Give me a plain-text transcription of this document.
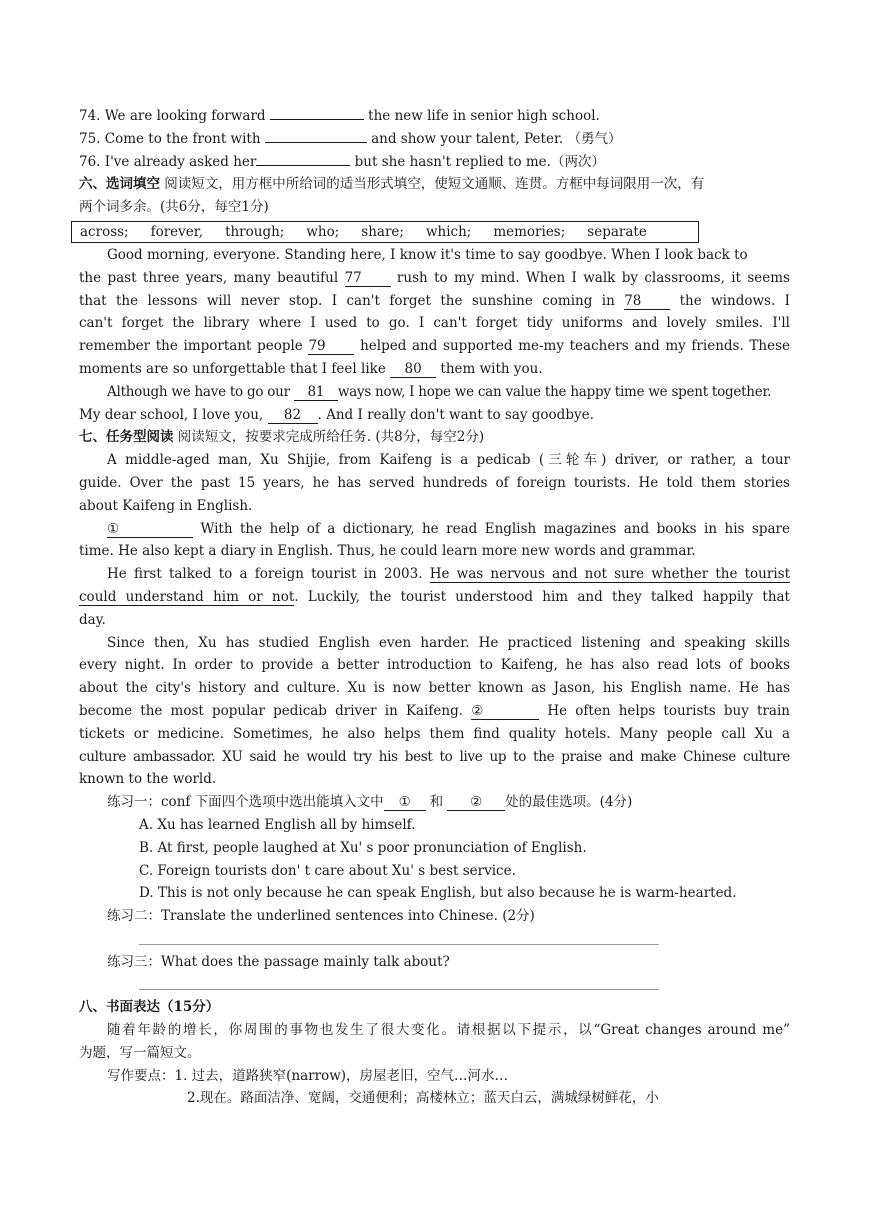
74. We are looking forward	the new life in senior high school.
75. Come to the front with	and show your talent, Peter. （勇气）
76. I've already asked her	but she hasn't replied to me.（两次）
六、选词填空 阅读短文，用方框中所给词的适当形式填空，使短文通顺、连贯。方框中每词限用一次，有
两个词多余。(共6分，每空1分)
across; forever, through; who; share; which; memories; separate
Good morning, everyone. Standing here, I know it's time to say goodbye. When I look back to
the past three years, many beautiful 77 rush to my mind. When I walk by classrooms, it seems
that the lessons will never stop. I can't forget the sunshine coming in 78 the windows. I
can't forget the library where I used to go. I can't forget tidy uniforms and lovely smiles. I'll
remember the important people 79 helped and supported me-my teachers and my friends. These
moments are so unforgettable that I feel like 80 them with you.
Although we have to go our 81 ways now, I hope we can value the happy time we spent together.
My dear school, I love you, 82 . And I really don't want to say goodbye.
七、任务型阅读 阅读短文，按要求完成所给任务. (共8分，每空2分)
A middle-aged man, Xu Shijie, from Kaifeng is a pedicab (三轮车) driver, or rather, a tour
guide. Over the past 15 years, he has served hundreds of foreign tourists. He told them stories
about Kaifeng in English.
①	With the help of a dictionary, he read English magazines and books in his spare
time. He also kept a diary in English. Thus, he could learn more new words and grammar.
He first talked to a foreign tourist in 2003. He was nervous and not sure whether the tourist
could understand him or not. Luckily, the tourist understood him and they talked happily that
day.
Since then, Xu has studied English even harder. He practiced listening and speaking skills
every night. In order to provide a better introduction to Kaifeng, he has also read lots of books
about the city's history and culture. Xu is now better known as Jason, his English name. He has
become the most popular pedicab driver in Kaifeng. ②	He often helps tourists buy train
tickets or medicine. Sometimes, he also helps them find quality hotels. Many people call Xu a
culture ambassador. XU said he would try his best to live up to the praise and make Chinese culture
known to the world.
练习一：conf 下面四个选项中选出能填入文中 ① 和 ② 处的最佳选项。(4分)
A. Xu has learned English all by himself.
B. At first, people laughed at Xu' s poor pronunciation of English.
C. Foreign tourists don' t care about Xu' s best service.
D. This is not only because he can speak English, but also because he is warm-hearted.
练习二：Translate the underlined sentences into Chinese. (2分)
练习三：What does the passage mainly talk about?
八、书面表达（15分）
随着年龄的增长，你周围的事物也发生了很大变化。请根据以下提示，以“Great changes around me”
为题，写一篇短文。
写作要点：1. 过去，道路狭窄(narrow)，房屋老旧，空气…河水…
2.现在。路面洁净、宽阔，交通便利；高楼林立；蓝天白云，满城绿树鲜花，小
